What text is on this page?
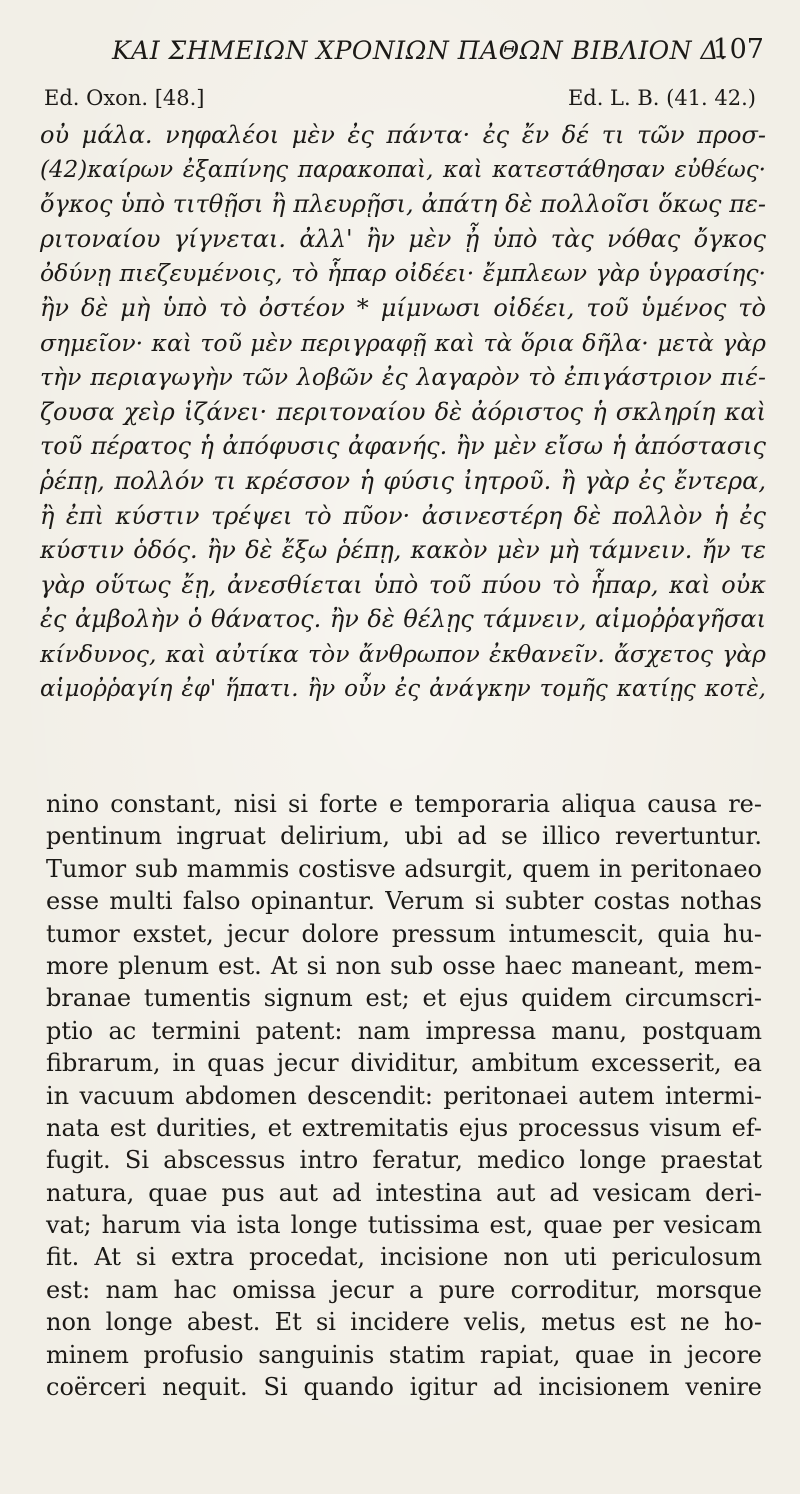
ΚΑΙ ΣΗΜΕΙΩΝ ΧΡΟΝΙΩΝ ΠΑΘΩΝ ΒΙΒΛΙΟΝ Δ.
107
Ed. Oxon. [48.]	Ed. L. B. (41. 42.)
οὐ μάλα. νηφαλέοι μὲν ἐς πάντα· ἐς ἔν δέ τι τῶν προσ-
(42)καίρων ἐξαπίνης παρακοπαὶ, καὶ κατεστάθησαν εὐθέως·
ὄγκος ὑπὸ τιτθῇσι ἢ πλευρῇσι, ἀπάτη δὲ πολλοῖσι ὅκως πε-
ριτοναίου γίγνεται. ἀλλ' ἢν μὲν ᾖ ὑπὸ τὰς νόθας ὄγκος
ὀδύνῃ πιεζευμένοις, τὸ ἧπαρ οἰδέει· ἔμπλεων γὰρ ὑγρασίης·
ἢν δὲ μὴ ὑπὸ τὸ ὀστέον * μίμνωσι οἰδέει, τοῦ ὑμένος τὸ
σημεῖον· καὶ τοῦ μὲν περιγραφῇ καὶ τὰ ὅρια δῆλα· μετὰ γὰρ
τὴν περιαγωγὴν τῶν λοβῶν ἐς λαγαρὸν τὸ ἐπιγάστριον πιέ-
ζουσα χεὶρ ἱζάνει· περιτοναίου δὲ ἀόριστος ἡ σκληρίη καὶ
τοῦ πέρατος ἡ ἀπόφυσις ἀφανής. ἢν μὲν εἴσω ἡ ἀπόστασις
ῥέπῃ, πολλόν τι κρέσσον ἡ φύσις ἰητροῦ. ἢ γὰρ ἐς ἔντερα,
ἢ ἐπὶ κύστιν τρέψει τὸ πῦον· ἀσινεστέρη δὲ πολλὸν ἡ ἐς
κύστιν ὁδός. ἢν δὲ ἔξω ῥέπῃ, κακὸν μὲν μὴ τάμνειν. ἤν τε
γὰρ οὕτως ἔῃ, ἀνεσθίεται ὑπὸ τοῦ πύου τὸ ἧπαρ, καὶ οὐκ
ἐς ἀμβολὴν ὁ θάνατος. ἢν δὲ θέλῃς τάμνειν, αἱμοῤῥαγῆσαι
κίνδυνος, καὶ αὐτίκα τὸν ἄνθρωπον ἐκθανεῖν. ἄσχετος γὰρ
αἱμοῤῥαγίη ἐφ' ἥπατι. ἢν οὖν ἐς ἀνάγκην τομῆς κατίῃς κοτὲ,
nino constant, nisi si forte e temporaria aliqua causa re-
pentinum ingruat delirium, ubi ad se illico revertuntur.
Tumor sub mammis costisve adsurgit, quem in peritonaeo
esse multi falso opinantur. Verum si subter costas nothas
tumor exstet, jecur dolore pressum intumescit, quia hu-
more plenum est. At si non sub osse haec maneant, mem-
branae tumentis signum est; et ejus quidem circumscri-
ptio ac termini patent: nam impressa manu, postquam
fibrarum, in quas jecur dividitur, ambitum excesserit, ea
in vacuum abdomen descendit: peritonaei autem intermi-
nata est durities, et extremitatis ejus processus visum ef-
fugit. Si abscessus intro feratur, medico longe praestat
natura, quae pus aut ad intestina aut ad vesicam deri-
vat; harum via ista longe tutissima est, quae per vesicam
fit. At si extra procedat, incisione non uti periculosum
est: nam hac omissa jecur a pure corroditur, morsque
non longe abest. Et si incidere velis, metus est ne ho-
minem profusio sanguinis statim rapiat, quae in jecore
coërceri nequit. Si quando igitur ad incisionem venire
